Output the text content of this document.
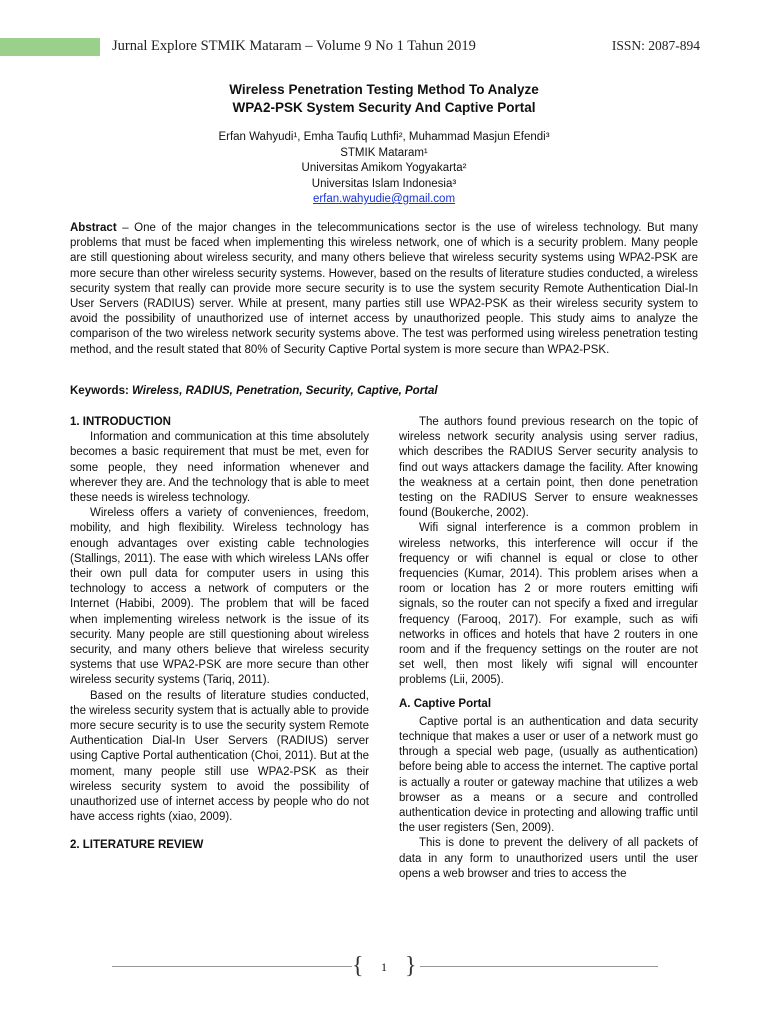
Jurnal Explore STMIK Mataram – Volume 9 No 1 Tahun 2019	ISSN: 2087-894
Wireless Penetration Testing Method To Analyze
WPA2-PSK System Security And Captive Portal
Erfan Wahyudi¹, Emha Taufiq Luthfi², Muhammad Masjun Efendi³
STMIK Mataram¹
Universitas Amikom Yogyakarta²
Universitas Islam Indonesia³
erfan.wahyudie@gmail.com
Abstract – One of the major changes in the telecommunications sector is the use of wireless technology. But many problems that must be faced when implementing this wireless network, one of which is a security problem. Many people are still questioning about wireless security, and many others believe that wireless security systems using WPA2-PSK are more secure than other wireless security systems. However, based on the results of literature studies conducted, a wireless security system that really can provide more secure security is to use the system security Remote Authentication Dial-In User Servers (RADIUS) server. While at present, many parties still use WPA2-PSK as their wireless security system to avoid the possibility of unauthorized use of internet access by unauthorized people. This study aims to analyze the comparison of the two wireless network security systems above. The test was performed using wireless penetration testing method, and the result stated that 80% of Security Captive Portal system is more secure than WPA2-PSK.
Keywords: Wireless, RADIUS, Penetration, Security, Captive, Portal
1. INTRODUCTION

Information and communication at this time absolutely becomes a basic requirement that must be met, even for some people, they need information whenever and wherever they are. And the technology that is able to meet these needs is wireless technology.

Wireless offers a variety of conveniences, freedom, mobility, and high flexibility. Wireless technology has enough advantages over existing cable technologies (Stallings, 2011). The ease with which wireless LANs offer their own pull data for computer users in using this technology to access a network of computers or the Internet (Habibi, 2009). The problem that will be faced when implementing wireless network is the issue of its security. Many people are still questioning about wireless security, and many others believe that wireless security systems that use WPA2-PSK are more secure than other wireless security systems (Tariq, 2011).

Based on the results of literature studies conducted, the wireless security system that is actually able to provide more secure security is to use the security system Remote Authentication Dial-In User Servers (RADIUS) server using Captive Portal authentication (Choi, 2011). But at the moment, many people still use WPA2-PSK as their wireless security system to avoid the possibility of unauthorized use of internet access by people who do not have access rights (xiao, 2009).

2. LITERATURE REVIEW

The authors found previous research on the topic of wireless network security analysis using server radius, which describes the RADIUS Server security analysis to find out ways attackers damage the facility. After knowing the weakness at a certain point, then done penetration testing on the RADIUS Server to ensure weaknesses found (Boukerche, 2002).

Wifi signal interference is a common problem in wireless networks, this interference will occur if the frequency or wifi channel is equal or close to other frequencies (Kumar, 2014). This problem arises when a room or location has 2 or more routers emitting wifi signals, so the router can not specify a fixed and irregular frequency (Farooq, 2017). For example, such as wifi networks in offices and hotels that have 2 routers in one room and if the frequency settings on the router are not set well, then most likely wifi signal will encounter problems (Lii, 2005).

A. Captive Portal

Captive portal is an authentication and data security technique that makes a user or user of a network must go through a special web page, (usually as authentication) before being able to access the internet. The captive portal is actually a router or gateway machine that utilizes a web browser as a means or a secure and controlled authentication device in protecting and allowing traffic until the user registers (Sen, 2009).

This is done to prevent the delivery of all packets of data in any form to unauthorized users until the user opens a web browser and tries to access the

{ }
1
